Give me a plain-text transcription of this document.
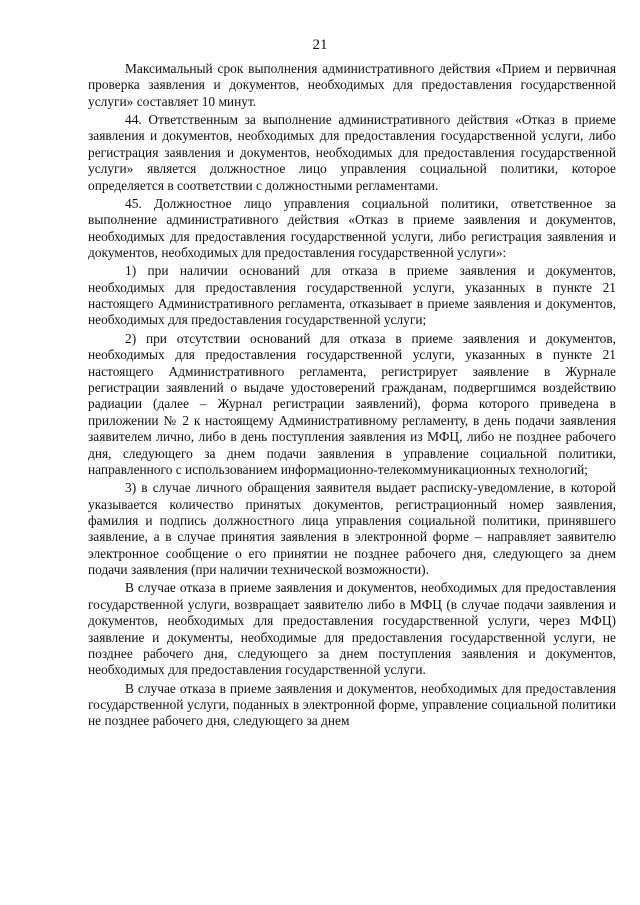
21

Максимальный срок выполнения административного действия «Прием и первичная проверка заявления и документов, необходимых для предоставления государственной услуги» составляет 10 минут.

44. Ответственным за выполнение административного действия «Отказ в приеме заявления и документов, необходимых для предоставления государственной услуги, либо регистрация заявления и документов, необходимых для предоставления государственной услуги» является должностное лицо управления социальной политики, которое определяется в соответствии с должностными регламентами.

45. Должностное лицо управления социальной политики, ответственное за выполнение административного действия «Отказ в приеме заявления и документов, необходимых для предоставления государственной услуги, либо регистрация заявления и документов, необходимых для предоставления государственной услуги»:

1) при наличии оснований для отказа в приеме заявления и документов, необходимых для предоставления государственной услуги, указанных в пункте 21 настоящего Административного регламента, отказывает в приеме заявления и документов, необходимых для предоставления государственной услуги;

2) при отсутствии оснований для отказа в приеме заявления и документов, необходимых для предоставления государственной услуги, указанных в пункте 21 настоящего Административного регламента, регистрирует заявление в Журнале регистрации заявлений о выдаче удостоверений гражданам, подвергшимся воздействию радиации (далее – Журнал регистрации заявлений), форма которого приведена в приложении № 2 к настоящему Административному регламенту, в день подачи заявления заявителем лично, либо в день поступления заявления из МФЦ, либо не позднее рабочего дня, следующего за днем подачи заявления в управление социальной политики, направленного с использованием информационно-телекоммуникационных технологий;

3) в случае личного обращения заявителя выдает расписку-уведомление, в которой указывается количество принятых документов, регистрационный номер заявления, фамилия и подпись должностного лица управления социальной политики, принявшего заявление, а в случае принятия заявления в электронной форме – направляет заявителю электронное сообщение о его принятии не позднее рабочего дня, следующего за днем подачи заявления (при наличии технической возможности).

В случае отказа в приеме заявления и документов, необходимых для предоставления государственной услуги, возвращает заявителю либо в МФЦ (в случае подачи заявления и документов, необходимых для предоставления государственной услуги, через МФЦ) заявление и документы, необходимые для предоставления государственной услуги, не позднее рабочего дня, следующего за днем поступления заявления и документов, необходимых для предоставления государственной услуги.

В случае отказа в приеме заявления и документов, необходимых для предоставления государственной услуги, поданных в электронной форме, управление социальной политики не позднее рабочего дня, следующего за днем
